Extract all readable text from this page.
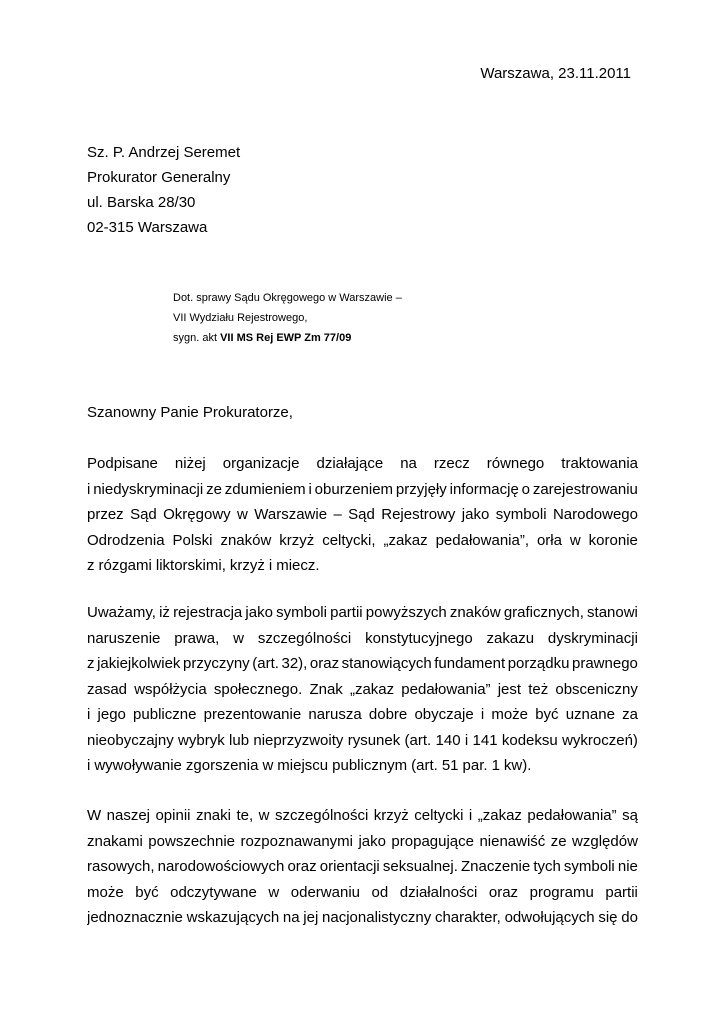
Warszawa, 23.11.2011
Sz. P. Andrzej Seremet
Prokurator Generalny
ul. Barska 28/30
02-315 Warszawa
Dot. sprawy Sądu Okręgowego w Warszawie –
VII Wydziału Rejestrowego,
sygn. akt VII MS Rej EWP Zm 77/09
Szanowny Panie Prokuratorze,
Podpisane niżej organizacje działające na rzecz równego traktowania
i niedyskryminacji ze zdumieniem i oburzeniem przyjęły informację o zarejestrowaniu
przez Sąd Okręgowy w Warszawie – Sąd Rejestrowy jako symboli Narodowego
Odrodzenia Polski znaków krzyż celtycki, „zakaz pedałowania”, orła w koronie
z rózgami liktorskimi, krzyż i miecz.
Uważamy, iż rejestracja jako symboli partii powyższych znaków graficznych, stanowi
naruszenie prawa, w szczególności konstytucyjnego zakazu dyskryminacji
z jakiejkolwiek przyczyny (art. 32), oraz stanowiących fundament porządku prawnego
zasad współżycia społecznego. Znak „zakaz pedałowania” jest też obsceniczny
i jego publiczne prezentowanie narusza dobre obyczaje i może być uznane za
nieobyczajny wybryk lub nieprzyzwoity rysunek (art. 140 i 141 kodeksu wykroczeń)
i wywoływanie zgorszenia w miejscu publicznym (art. 51 par. 1 kw).
W naszej opinii znaki te, w szczególności krzyż celtycki i „zakaz pedałowania” są
znakami powszechnie rozpoznawanymi jako propagujące nienawiść ze względów
rasowych, narodowościowych oraz orientacji seksualnej. Znaczenie tych symboli nie
może być odczytywane w oderwaniu od działalności oraz programu partii
jednoznacznie wskazujących na jej nacjonalistyczny charakter, odwołujących się do
